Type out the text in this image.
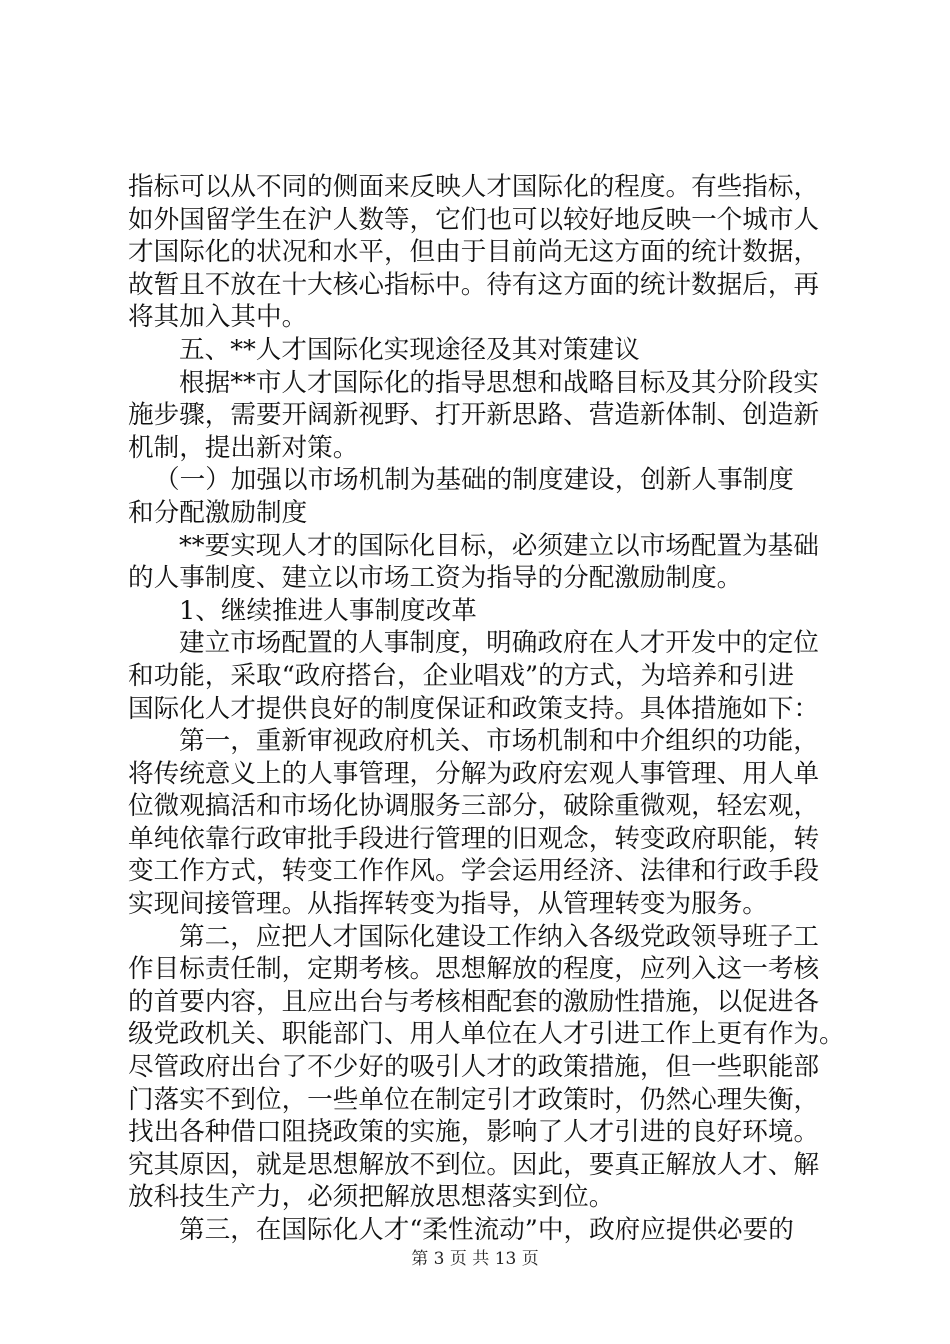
指标可以从不同的侧面来反映人才国际化的程度。有些指标，
如外国留学生在沪人数等，它们也可以较好地反映一个城市人
才国际化的状况和水平，但由于目前尚无这方面的统计数据，
故暂且不放在十大核心指标中。待有这方面的统计数据后，再
将其加入其中。
五、**人才国际化实现途径及其对策建议
根据**市人才国际化的指导思想和战略目标及其分阶段实
施步骤，需要开阔新视野、打开新思路、营造新体制、创造新
机制，提出新对策。
（一）加强以市场机制为基础的制度建设，创新人事制度
和分配激励制度
**要实现人才的国际化目标，必须建立以市场配置为基础
的人事制度、建立以市场工资为指导的分配激励制度。
1、继续推进人事制度改革
建立市场配置的人事制度，明确政府在人才开发中的定位
和功能，采取“政府搭台，企业唱戏”的方式，为培养和引进
国际化人才提供良好的制度保证和政策支持。具体措施如下：
第一，重新审视政府机关、市场机制和中介组织的功能，
将传统意义上的人事管理，分解为政府宏观人事管理、用人单
位微观搞活和市场化协调服务三部分，破除重微观，轻宏观，
单纯依靠行政审批手段进行管理的旧观念，转变政府职能，转
变工作方式，转变工作作风。学会运用经济、法律和行政手段
实现间接管理。从指挥转变为指导，从管理转变为服务。
第二，应把人才国际化建设工作纳入各级党政领导班子工
作目标责任制，定期考核。思想解放的程度，应列入这一考核
的首要内容，且应出台与考核相配套的激励性措施，以促进各
级党政机关、职能部门、用人单位在人才引进工作上更有作为。
尽管政府出台了不少好的吸引人才的政策措施，但一些职能部
门落实不到位，一些单位在制定引才政策时，仍然心理失衡，
找出各种借口阻挠政策的实施，影响了人才引进的良好环境。
究其原因，就是思想解放不到位。因此，要真正解放人才、解
放科技生产力，必须把解放思想落实到位。
第三，在国际化人才“柔性流动”中，政府应提供必要的
第 3 页 共 13 页
